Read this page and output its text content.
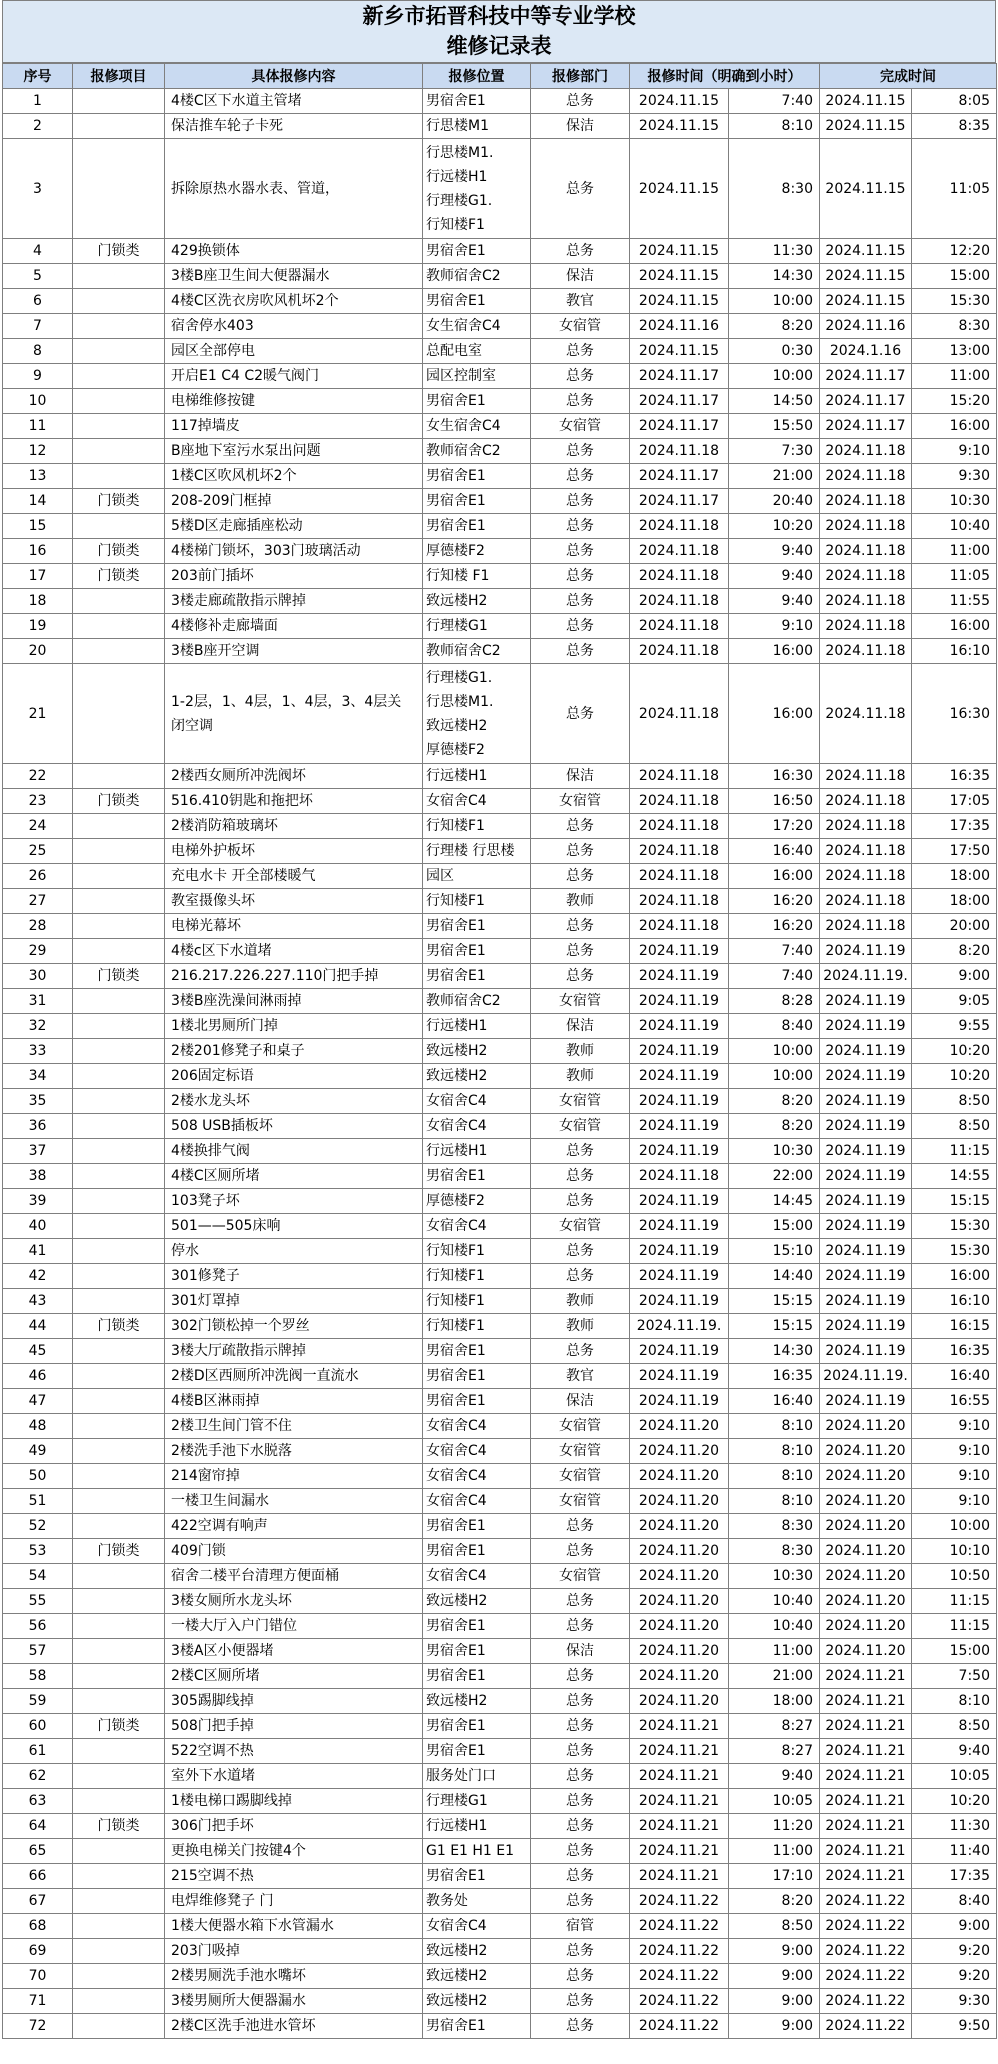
新乡市拓晋科技中等专业学校
维修记录表
序号	报修项目	具体报修内容	报修位置	报修部门	报修时间（明确到小时）		完成时间	
1		4楼C区下水道主管堵	男宿舍E1	总务	2024.11.15	7:40	2024.11.15	8:05
2		保洁推车轮子卡死	行思楼M1	保洁	2024.11.15	8:10	2024.11.15	8:35
3		拆除原热水器水表、管道，	行思楼M1.
行远楼H1
行理楼G1.
行知楼F1	总务	2024.11.15	8:30	2024.11.15	11:05
4	门锁类	429换锁体	男宿舍E1	总务	2024.11.15	11:30	2024.11.15	12:20
5		3楼B座卫生间大便器漏水	教师宿舍C2	保洁	2024.11.15	14:30	2024.11.15	15:00
6		4楼C区洗衣房吹风机坏2个	男宿舍E1	教官	2024.11.15	10:00	2024.11.15	15:30
7		宿舍停水403	女生宿舍C4	女宿管	2024.11.16	8:20	2024.11.16	8:30
8		园区全部停电	总配电室	总务	2024.11.15	0:30	2024.1.16	13:00
9		开启E1 C4 C2暖气阀门	园区控制室	总务	2024.11.17	10:00	2024.11.17	11:00
10		电梯维修按键	男宿舍E1	总务	2024.11.17	14:50	2024.11.17	15:20
11		117掉墙皮	女生宿舍C4	女宿管	2024.11.17	15:50	2024.11.17	16:00
12		B座地下室污水泵出问题	教师宿舍C2	总务	2024.11.18	7:30	2024.11.18	9:10
13		1楼C区吹风机坏2个	男宿舍E1	总务	2024.11.17	21:00	2024.11.18	9:30
14	门锁类	208-209门框掉	男宿舍E1	总务	2024.11.17	20:40	2024.11.18	10:30
15		5楼D区走廊插座松动	男宿舍E1	总务	2024.11.18	10:20	2024.11.18	10:40
16	门锁类	4楼梯门锁坏，303门玻璃活动	厚德楼F2	总务	2024.11.18	9:40	2024.11.18	11:00
17	门锁类	203前门插坏	行知楼 F1	总务	2024.11.18	9:40	2024.11.18	11:05
18		3楼走廊疏散指示牌掉	致远楼H2	总务	2024.11.18	9:40	2024.11.18	11:55
19		4楼修补走廊墙面	行理楼G1	总务	2024.11.18	9:10	2024.11.18	16:00
20		3楼B座开空调	教师宿舍C2	总务	2024.11.18	16:00	2024.11.18	16:10
21		1-2层，1、4层，1、4层，3、4层关
闭空调	行理楼G1.
行思楼M1.
致远楼H2
厚德楼F2	总务	2024.11.18	16:00	2024.11.18	16:30
22		2楼西女厕所冲洗阀坏	行远楼H1	保洁	2024.11.18	16:30	2024.11.18	16:35
23	门锁类	516.410钥匙和拖把坏	女宿舍C4	女宿管	2024.11.18	16:50	2024.11.18	17:05
24		2楼消防箱玻璃坏	行知楼F1	总务	2024.11.18	17:20	2024.11.18	17:35
25		电梯外护板坏	行理楼 行思楼	总务	2024.11.18	16:40	2024.11.18	17:50
26		充电水卡 开全部楼暖气	园区	总务	2024.11.18	16:00	2024.11.18	18:00
27		教室摄像头坏	行知楼F1	教师	2024.11.18	16:20	2024.11.18	18:00
28		电梯光幕坏	男宿舍E1	总务	2024.11.18	16:20	2024.11.18	20:00
29		4楼c区下水道堵	男宿舍E1	总务	2024.11.19	7:40	2024.11.19	8:20
30	门锁类	216.217.226.227.110门把手掉	男宿舍E1	总务	2024.11.19	7:40	2024.11.19.	9:00
31		3楼B座洗澡间淋雨掉	教师宿舍C2	女宿管	2024.11.19	8:28	2024.11.19	9:05
32		1楼北男厕所门掉	行远楼H1	保洁	2024.11.19	8:40	2024.11.19	9:55
33		2楼201修凳子和桌子	致远楼H2	教师	2024.11.19	10:00	2024.11.19	10:20
34		206固定标语	致远楼H2	教师	2024.11.19	10:00	2024.11.19	10:20
35		2楼水龙头坏	女宿舍C4	女宿管	2024.11.19	8:20	2024.11.19	8:50
36		508 USB插板坏	女宿舍C4	女宿管	2024.11.19	8:20	2024.11.19	8:50
37		4楼换排气阀	行远楼H1	总务	2024.11.19	10:30	2024.11.19	11:15
38		4楼C区厕所堵	男宿舍E1	总务	2024.11.18	22:00	2024.11.19	14:55
39		103凳子坏	厚德楼F2	总务	2024.11.19	14:45	2024.11.19	15:15
40		501——505床响	女宿舍C4	女宿管	2024.11.19	15:00	2024.11.19	15:30
41		停水	行知楼F1	总务	2024.11.19	15:10	2024.11.19	15:30
42		301修凳子	行知楼F1	总务	2024.11.19	14:40	2024.11.19	16:00
43		301灯罩掉	行知楼F1	教师	2024.11.19	15:15	2024.11.19	16:10
44	门锁类	302门锁松掉一个罗丝	行知楼F1	教师	2024.11.19.	15:15	2024.11.19	16:15
45		3楼大厅疏散指示牌掉	男宿舍E1	总务	2024.11.19	14:30	2024.11.19	16:35
46		2楼D区西厕所冲洗阀一直流水	男宿舍E1	教官	2024.11.19	16:35	2024.11.19.	16:40
47		4楼B区淋雨掉	男宿舍E1	保洁	2024.11.19	16:40	2024.11.19	16:55
48		2楼卫生间门管不住	女宿舍C4	女宿管	2024.11.20	8:10	2024.11.20	9:10
49		2楼洗手池下水脱落	女宿舍C4	女宿管	2024.11.20	8:10	2024.11.20	9:10
50		214窗帘掉	女宿舍C4	女宿管	2024.11.20	8:10	2024.11.20	9:10
51		一楼卫生间漏水	女宿舍C4	女宿管	2024.11.20	8:10	2024.11.20	9:10
52		422空调有响声	男宿舍E1	总务	2024.11.20	8:30	2024.11.20	10:00
53	门锁类	409门锁	男宿舍E1	总务	2024.11.20	8:30	2024.11.20	10:10
54		宿舍二楼平台清理方便面桶	女宿舍C4	女宿管	2024.11.20	10:30	2024.11.20	10:50
55		3楼女厕所水龙头坏	致远楼H2	总务	2024.11.20	10:40	2024.11.20	11:15
56		一楼大厅入户门错位	男宿舍E1	总务	2024.11.20	10:40	2024.11.20	11:15
57		3楼A区小便器堵	男宿舍E1	保洁	2024.11.20	11:00	2024.11.20	15:00
58		2楼C区厕所堵	男宿舍E1	总务	2024.11.20	21:00	2024.11.21	7:50
59		305踢脚线掉	致远楼H2	总务	2024.11.20	18:00	2024.11.21	8:10
60	门锁类	508门把手掉	男宿舍E1	总务	2024.11.21	8:27	2024.11.21	8:50
61		522空调不热	男宿舍E1	总务	2024.11.21	8:27	2024.11.21	9:40
62		室外下水道堵	服务处门口	总务	2024.11.21	9:40	2024.11.21	10:05
63		1楼电梯口踢脚线掉	行理楼G1	总务	2024.11.21	10:05	2024.11.21	10:20
64	门锁类	306门把手坏	行远楼H1	总务	2024.11.21	11:20	2024.11.21	11:30
65		更换电梯关门按键4个	G1 E1 H1 E1	总务	2024.11.21	11:00	2024.11.21	11:40
66		215空调不热	男宿舍E1	总务	2024.11.21	17:10	2024.11.21	17:35
67		电焊维修凳子 门	教务处	总务	2024.11.22	8:20	2024.11.22	8:40
68		1楼大便器水箱下水管漏水	女宿舍C4	宿管	2024.11.22	8:50	2024.11.22	9:00
69		203门吸掉	致远楼H2	总务	2024.11.22	9:00	2024.11.22	9:20
70		2楼男厕洗手池水嘴坏	致远楼H2	总务	2024.11.22	9:00	2024.11.22	9:20
71		3楼男厕所大便器漏水	致远楼H2	总务	2024.11.22	9:00	2024.11.22	9:30
72		2楼C区洗手池进水管坏	男宿舍E1	总务	2024.11.22	9:00	2024.11.22	9:50
